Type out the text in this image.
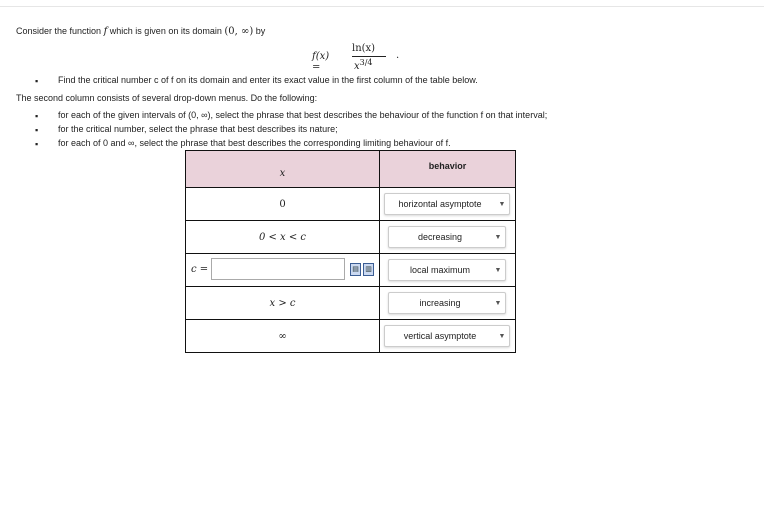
Consider the function f which is given on its domain (0, ∞) by
f(x) =
ln(x)
$x^{3/4}$
.
▪ Find the critical number c of f on its domain and enter its exact value in the first column of the table below.
The second column consists of several drop-down menus. Do the following:
▪ for each of the given intervals of (0, ∞), select the phrase that best describes the behaviour of the function f on that interval;
▪ for the critical number, select the phrase that best describes its nature;
▪ for each of 0 and ∞, select the phrase that best describes the corresponding limiting behaviour of f.
x	behavior

0	horizontal asymptote ▼

0 < x < c	decreasing ▼

c = ▤ ▥	local maximum ▼

x > c	increasing ▼

∞	vertical asymptote ▼
